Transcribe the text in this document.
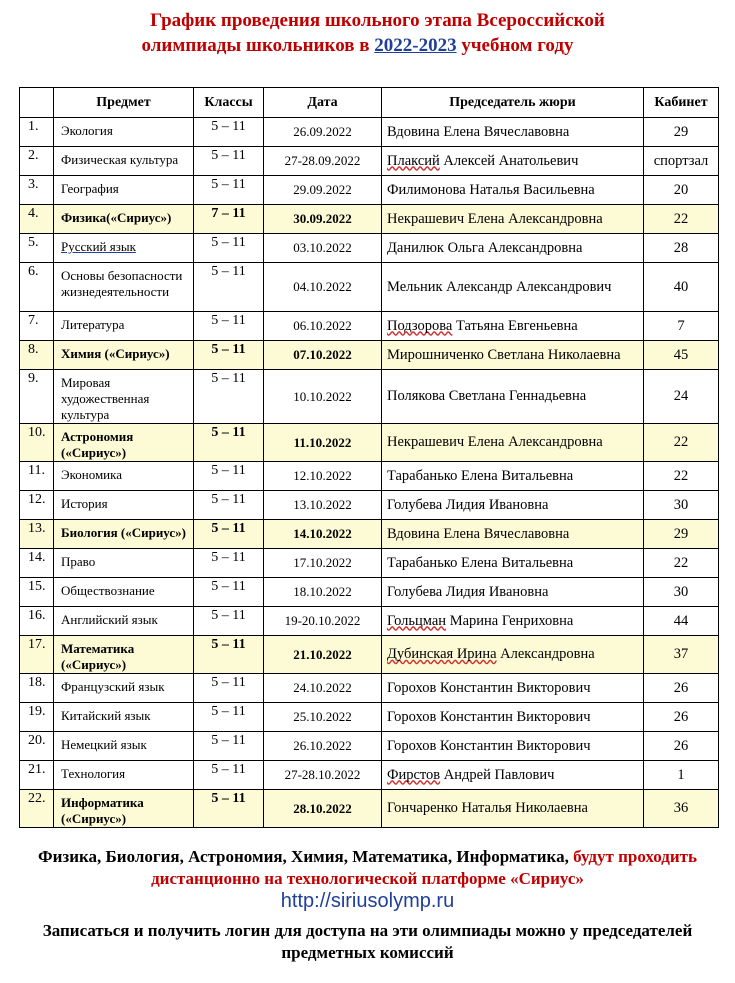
График проведения школьного этапа Всероссийской
олимпиады школьников в 2022-2023 учебном году
	Предмет	Классы	Дата	Председатель жюри	Кабинет
1.	Экология	5 – 11	26.09.2022	Вдовина Елена Вячеславовна	29
2.	Физическая культура	5 – 11	27-28.09.2022	Плаксий Алексей Анатольевич	спортзал
3.	География	5 – 11	29.09.2022	Филимонова Наталья Васильевна	20
4.	Физика(«Сириус»)	7 – 11	30.09.2022	Некрашевич Елена Александровна	22
5.	Русский язык	5 – 11	03.10.2022	Данилюк Ольга Александровна	28
6.	Основы безопасности жизнедеятельности	5 – 11	04.10.2022	Мельник Александр Александрович	40
7.	Литература	5 – 11	06.10.2022	Подзорова Татьяна Евгеньевна	7
8.	Химия («Сириус»)	5 – 11	07.10.2022	Мирошниченко Светлана Николаевна	45
9.	Мировая художественная культура	5 – 11	10.10.2022	Полякова Светлана Геннадьевна	24
10.	Астрономия («Сириус»)	5 – 11	11.10.2022	Некрашевич Елена Александровна	22
11.	Экономика	5 – 11	12.10.2022	Тарабанько Елена Витальевна	22
12.	История	5 – 11	13.10.2022	Голубева Лидия Ивановна	30
13.	Биология («Сириус»)	5 – 11	14.10.2022	Вдовина Елена Вячеславовна	29
14.	Право	5 – 11	17.10.2022	Тарабанько Елена Витальевна	22
15.	Обществознание	5 – 11	18.10.2022	Голубева Лидия Ивановна	30
16.	Английский язык	5 – 11	19-20.10.2022	Гольцман Марина Генриховна	44
17.	Математика («Сириус»)	5 – 11	21.10.2022	Дубинская Ирина Александровна	37
18.	Французский язык	5 – 11	24.10.2022	Горохов Константин Викторович	26
19.	Китайский язык	5 – 11	25.10.2022	Горохов Константин Викторович	26
20.	Немецкий язык	5 – 11	26.10.2022	Горохов Константин Викторович	26
21.	Технология	5 – 11	27-28.10.2022	Фирстов Андрей Павлович	1
22.	Информатика («Сириус»)	5 – 11	28.10.2022	Гончаренко Наталья Николаевна	36
Физика, Биология, Астрономия, Химия, Математика, Информатика, будут проходить дистанционно на технологической платформе «Сириус»
http://siriusolymp.ru
Записаться и получить логин для доступа на эти олимпиады можно у председателей предметных комиссий
